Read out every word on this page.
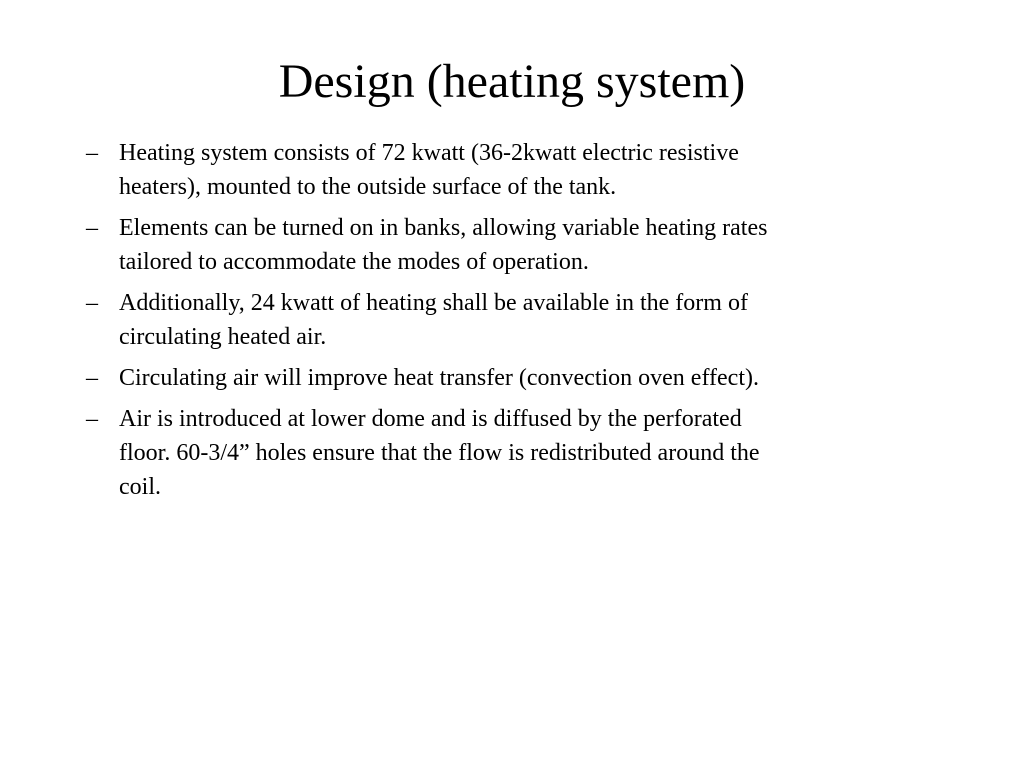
Design (heating system)
– Heating system consists of 72 kwatt (36-2kwatt electric resistive heaters), mounted to the outside surface of the tank.
– Elements can be turned on in banks, allowing variable heating rates tailored to accommodate the modes of operation.
– Additionally, 24 kwatt of heating shall be available in the form of circulating heated air.
– Circulating air will improve heat transfer (convection oven effect).
– Air is introduced at lower dome and is diffused by the perforated floor. 60-3/4” holes ensure that the flow is redistributed around the coil.
